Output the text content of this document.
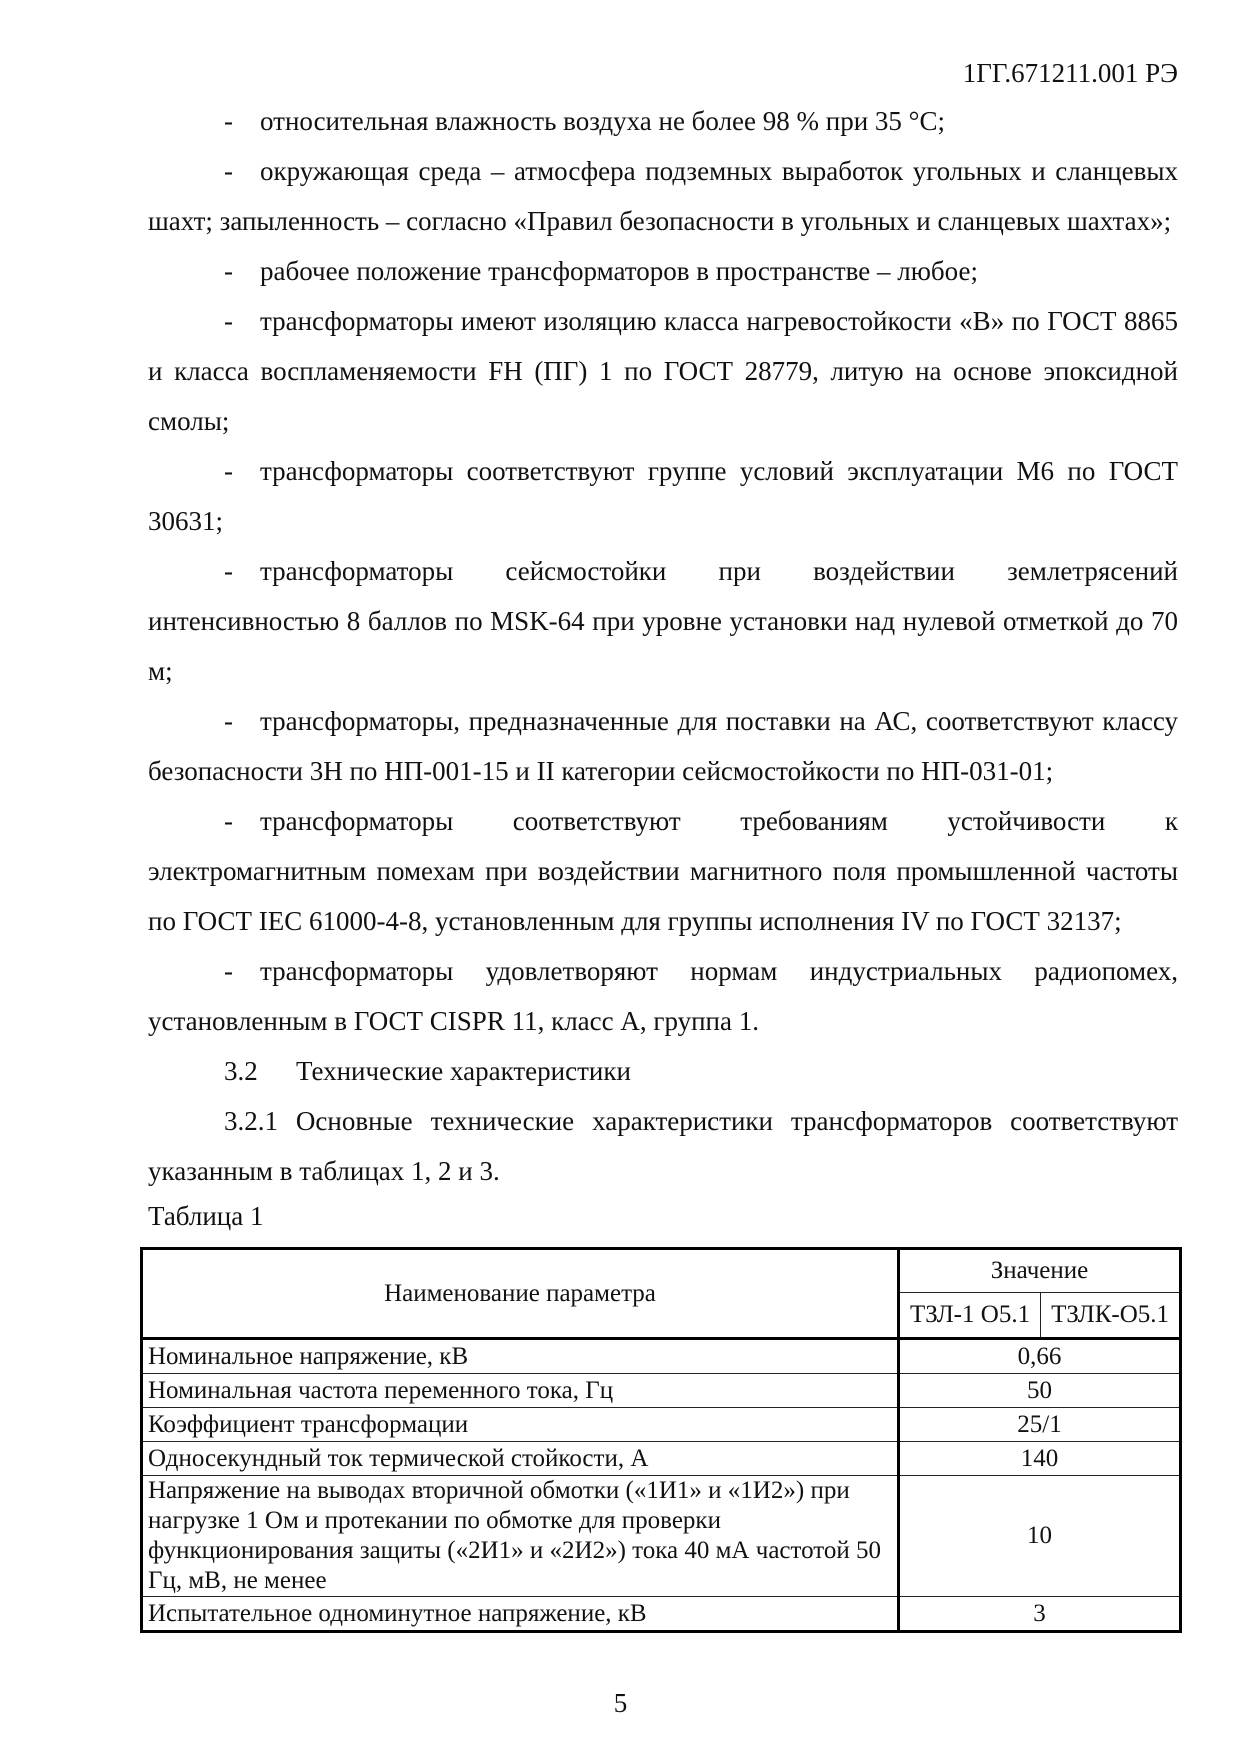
1ГГ.671211.001 РЭ

- относительная влажность воздуха не более 98 % при 35 °С;

- окружающая среда – атмосфера подземных выработок угольных и сланцевых шахт; запыленность – согласно «Правил безопасности в угольных и сланцевых шахтах»;

- рабочее положение трансформаторов в пространстве – любое;

- трансформаторы имеют изоляцию класса нагревостойкости «В» по ГОСТ 8865 и класса воспламеняемости FH (ПГ) 1 по ГОСТ 28779, литую на основе эпоксидной смолы;

- трансформаторы соответствуют группе условий эксплуатации М6 по ГОСТ 30631;

- трансформаторы сейсмостойки при воздействии землетрясений интенсивностью 8 баллов по MSK-64 при уровне установки над нулевой отметкой до 70 м;

- трансформаторы, предназначенные для поставки на АС, соответствуют классу безопасности 3Н по НП-001-15 и II категории сейсмостойкости по НП-031-01;

- трансформаторы соответствуют требованиям устойчивости к электромагнитным помехам при воздействии магнитного поля промышленной частоты по ГОСТ IEC 61000-4-8, установленным для группы исполнения IV по ГОСТ 32137;

- трансформаторы удовлетворяют нормам индустриальных радиопомех, установленным в ГОСТ CISPR 11, класс А, группа 1.

3.2 Технические характеристики

3.2.1 Основные технические характеристики трансформаторов соответствуют указанным в таблицах 1, 2 и 3.

Таблица 1

Наименование параметра	Значение	
	ТЗЛ-1 О5.1	ТЗЛК-О5.1
Номинальное напряжение, кВ	0,66	
Номинальная частота переменного тока, Гц	50	
Коэффициент трансформации	25/1	
Односекундный ток термической стойкости, А	140	
Напряжение на выводах вторичной обмотки («1И1» и «1И2») при нагрузке 1 Ом и протекании по обмотке для проверки функционирования защиты («2И1» и «2И2») тока 40 мА частотой 50 Гц, мВ, не менее	10	
Испытательное одноминутное напряжение, кВ	3	
5
